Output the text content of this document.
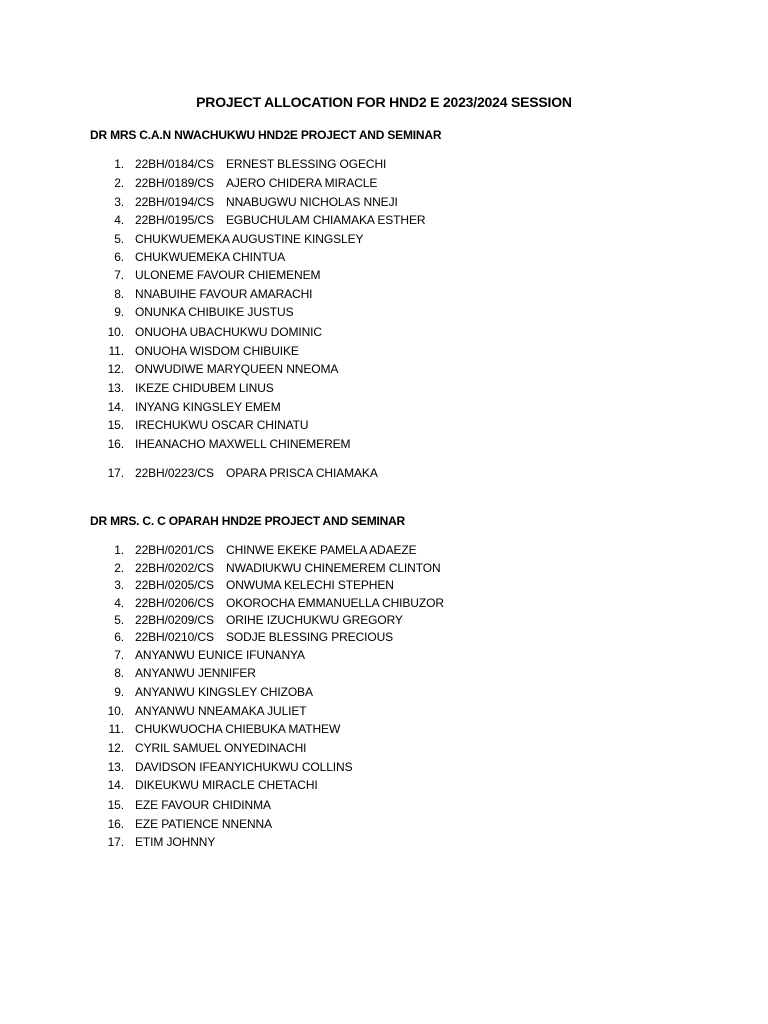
PROJECT ALLOCATION FOR HND2 E 2023/2024 SESSION
DR MRS C.A.N NWACHUKWU HND2E PROJECT AND SEMINAR
1. 22BH/0184/CS ERNEST BLESSING OGECHI
2. 22BH/0189/CS AJERO CHIDERA MIRACLE
3. 22BH/0194/CS NNABUGWU NICHOLAS NNEJI
4. 22BH/0195/CS EGBUCHULAM CHIAMAKA ESTHER
5. CHUKWUEMEKA AUGUSTINE KINGSLEY
6. CHUKWUEMEKA CHINTUA
7. ULONEME FAVOUR CHIEMENEM
8. NNABUIHE FAVOUR AMARACHI
9. ONUNKA CHIBUIKE JUSTUS
10. ONUOHA UBACHUKWU DOMINIC
11. ONUOHA WISDOM CHIBUIKE
12. ONWUDIWE MARYQUEEN NNEOMA
13. IKEZE CHIDUBEM LINUS
14. INYANG KINGSLEY EMEM
15. IRECHUKWU OSCAR CHINATU
16. IHEANACHO MAXWELL CHINEMEREM
17. 22BH/0223/CS OPARA PRISCA CHIAMAKA
DR MRS. C. C OPARAH HND2E PROJECT AND SEMINAR
1. 22BH/0201/CS CHINWE EKEKE PAMELA ADAEZE
2. 22BH/0202/CS NWADIUKWU CHINEMEREM CLINTON
3. 22BH/0205/CS ONWUMA KELECHI STEPHEN
4. 22BH/0206/CS OKOROCHA EMMANUELLA CHIBUZOR
5. 22BH/0209/CS ORIHE IZUCHUKWU GREGORY
6. 22BH/0210/CS SODJE BLESSING PRECIOUS
7. ANYANWU EUNICE IFUNANYA
8. ANYANWU JENNIFER
9. ANYANWU KINGSLEY CHIZOBA
10. ANYANWU NNEAMAKA JULIET
11. CHUKWUOCHA CHIEBUKA MATHEW
12. CYRIL SAMUEL ONYEDINACHI
13. DAVIDSON IFEANYICHUKWU COLLINS
14. DIKEUKWU MIRACLE CHETACHI
15. EZE FAVOUR CHIDINMA
16. EZE PATIENCE NNENNA
17. ETIM JOHNNY
